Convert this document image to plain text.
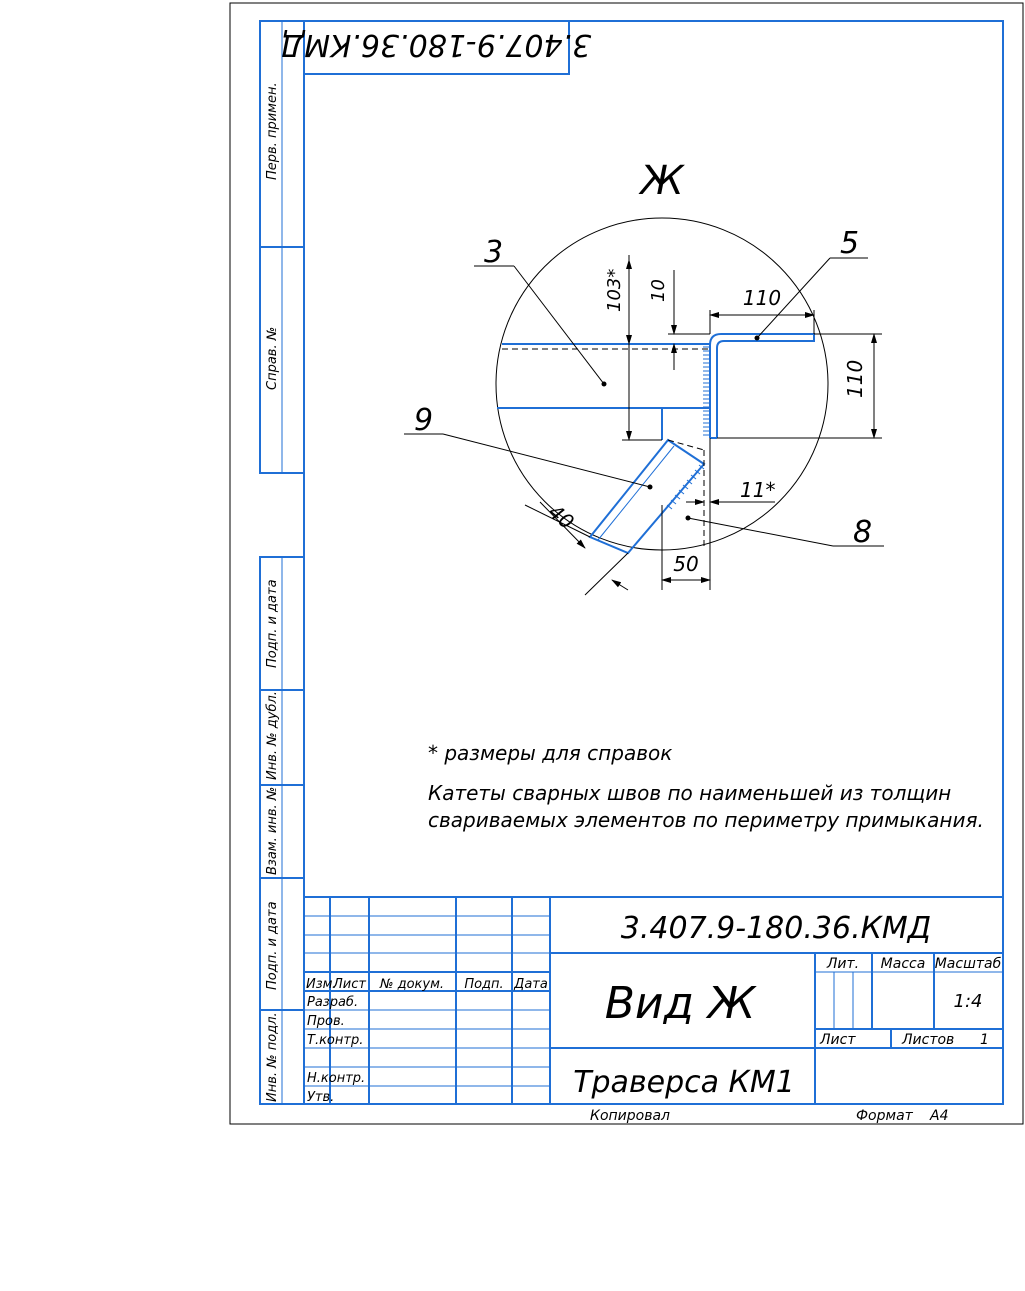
Перв. примен.
Справ. №
Подп. и дата
Инв. № дубл.
Взам. инв. №
Подп. и дата
Инв. № подл.
3.407.9-180.36.КМД
Ж
103* 10	110
110
11*
40
50
3	5
9
8
* размеры для справок
Катеты сварных швов по наименьшей из толщин
свариваемых элементов по периметру примыкания.
Изм.
Лист № докум. Подп. Дата
Разраб.
Пров.
Т.контр.
Н.контр.
Утв.
3.407.9-180.36.КМД
Вид Ж
Траверса КМ1
Лит. Масса Масштаб
1:4
Лист	Листов 1
Копировал	Формат А4
